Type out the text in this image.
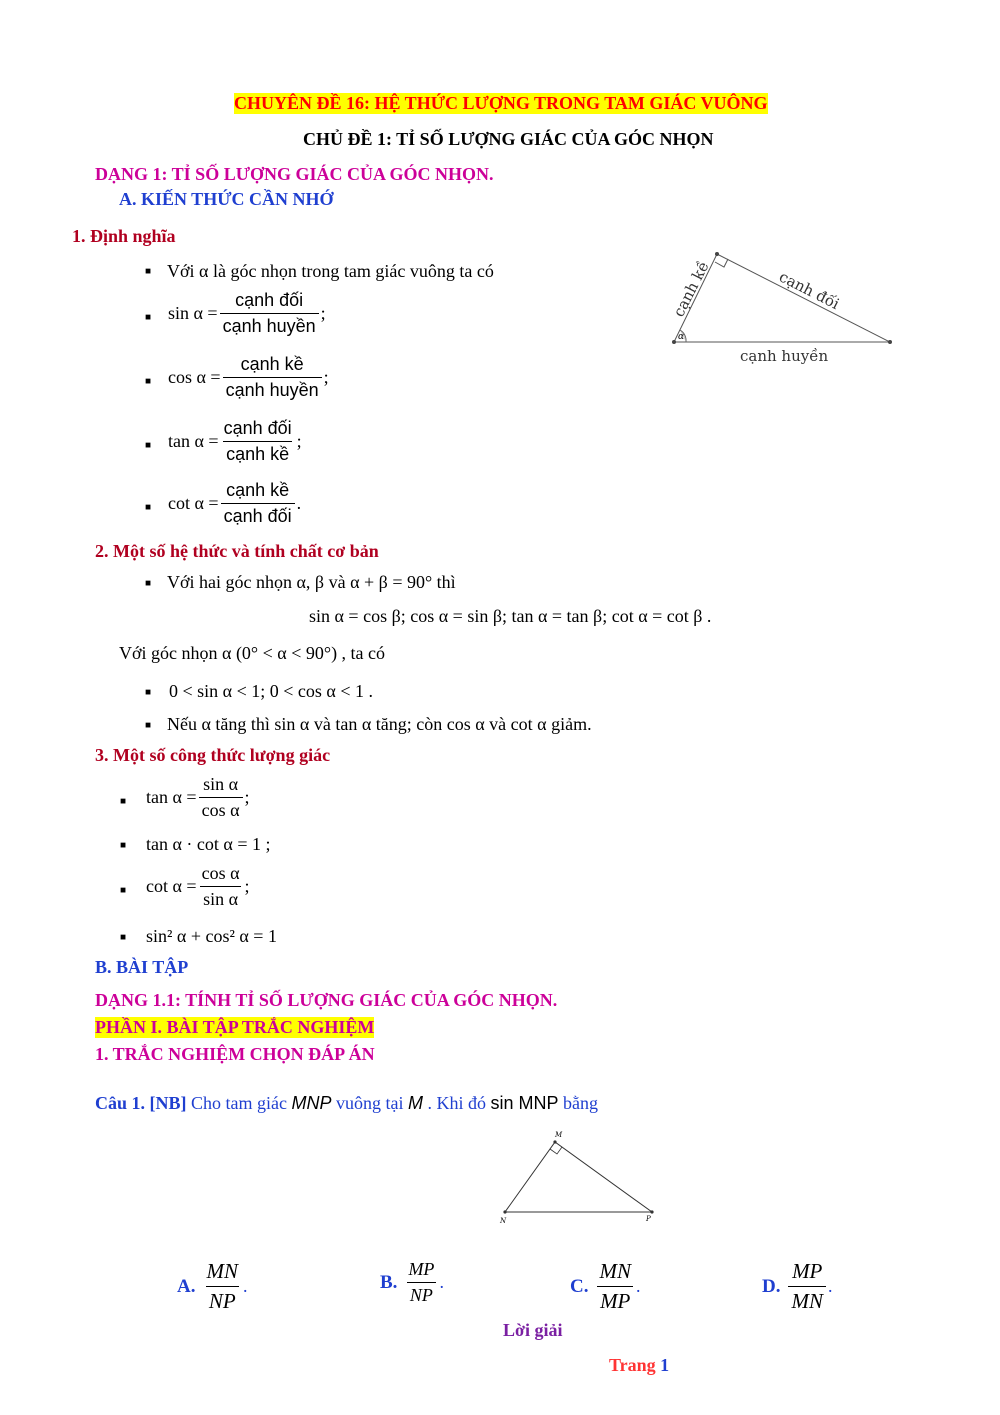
CHUYÊN ĐỀ 16: HỆ THỨC LƯỢNG TRONG TAM GIÁC VUÔNG
CHỦ ĐỀ 1: TỈ SỐ LƯỢNG GIÁC CỦA GÓC NHỌN
DẠNG 1: TỈ SỐ LƯỢNG GIÁC CỦA GÓC NHỌN.
A. KIẾN THỨC CẦN NHỚ
1. Định nghĩa
■ Với α là góc nhọn trong tam giác vuông ta có
■ $\sin \alpha = \frac{\text{cạnh đối}}{\text{cạnh huyền}}$ ;
■ $\cos \alpha = \frac{\text{cạnh kề}}{\text{cạnh huyền}}$ ;
■ $\tan \alpha = \frac{\text{cạnh đối}}{\text{cạnh kề}}$ ;
■ $\cot \alpha = \frac{\text{cạnh kề}}{\text{cạnh đối}}$ .
α
cạnh kề	cạnh đối
cạnh huyền
2. Một số hệ thức và tính chất cơ bản
■ Với hai góc nhọn α, β và α + β = 90° thì
sin α = cos β; cos α = sin β; tan α = tan β; cot α = cot β .
Với góc nhọn α (0° < α < 90°) , ta có
■ 0 < sin α < 1; 0 < cos α < 1 .
■ Nếu α tăng thì sin α và tan α tăng; còn cos α và cot α giảm.
3. Một số công thức lượng giác
■ $\tan \alpha = \frac{\text{sin α}}{\text{cos α}}$ ;
■ tan α · cot α = 1 ;
■ $\cot \alpha = \frac{\text{cos α}}{\text{sin α}}$ ;
■ sin² α + cos² α = 1
B. BÀI TẬP
DẠNG 1.1: TÍNH TỈ SỐ LƯỢNG GIÁC CỦA GÓC NHỌN.
PHẦN I. BÀI TẬP TRẮC NGHIỆM
1. TRẮC NGHIỆM CHỌN ĐÁP ÁN
Câu 1. [NB] Cho tam giác MNP vuông tại M . Khi đó sin MNP bằng
M
N	P
A. $\frac{MN}{NP}$ .	B. $\frac{MP}{NP}$ .	C. $\frac{MN}{MP}$ .	D. $\frac{MP}{MN}$ .
Lời giải
Trang 1
